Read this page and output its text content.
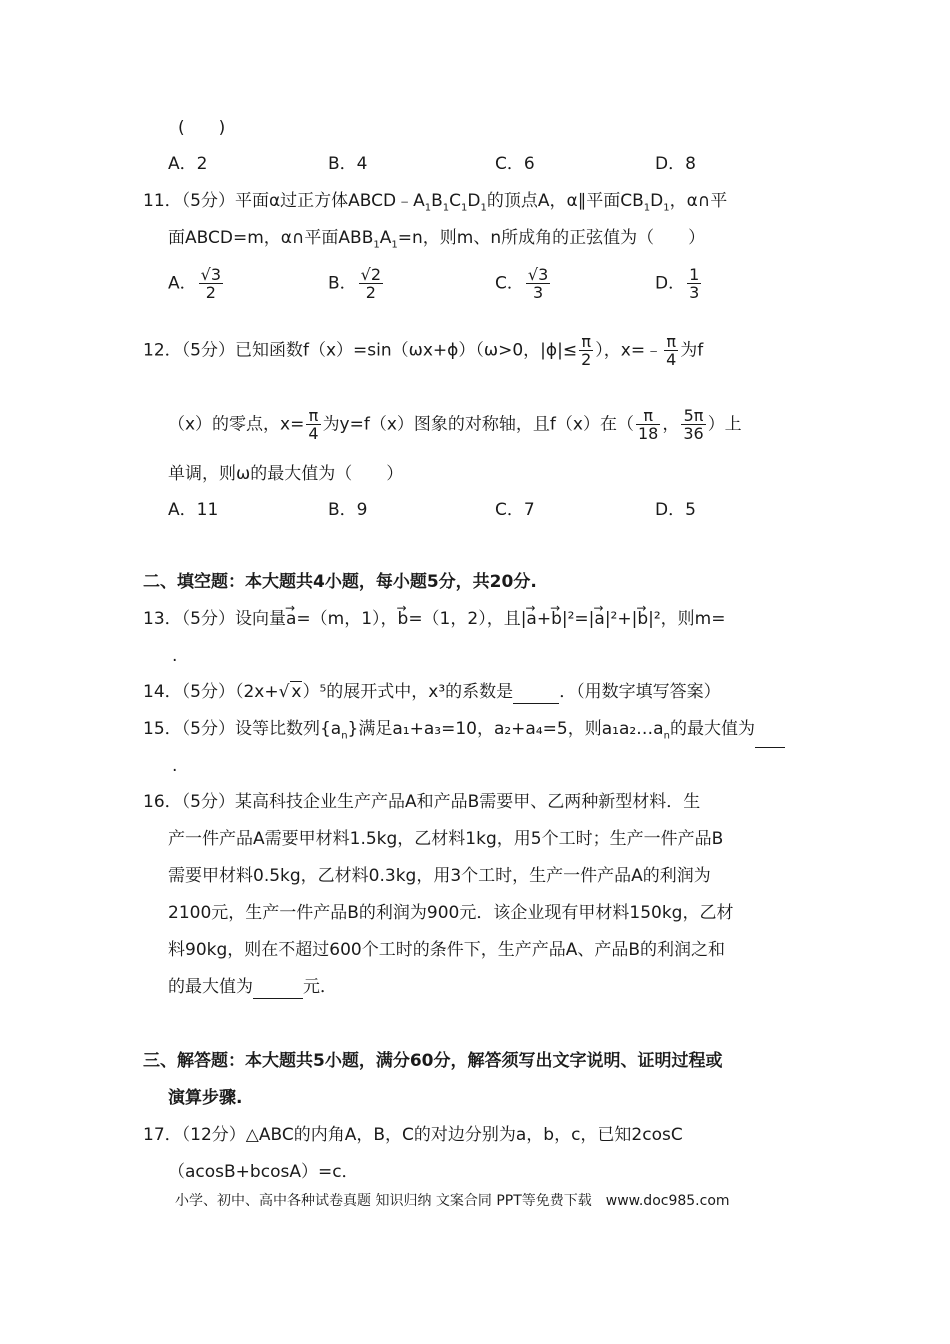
(　　)
A．2	B．4	C．6	D．8
11．（5分）平面α过正方体$ABCD﹣A_1B_1C_1D_1$的顶点A，α∥平面$CB_1D_1$，α∩平
面ABCD=m，α∩平面$ABB_1A_1=n$，则m、n所成角的正弦值为（　　）
A． $\frac{√3}{2}$	B． $\frac{√2}{2}$	C． $\frac{√3}{3}$	D． $\frac{1}{3}$
12．（5分）已知函数f（x）=sin（ωx+ϕ）（ω>0，$|\phi|\le \frac{\pi}{2}$ ），x=﹣ $\frac{\pi}{4}$ 为f
（x）的零点，$x= \frac{\pi}{4}$ 为y=f（x）图象的对称轴，且f（x）在（ $\frac{\pi}{18}$ ， $\frac{5\pi}{36}$ ）上
单调，则ω的最大值为（　　）
A．11	B．9	C．7	D．5
二、填空题：本大题共4小题，每小题5分，共20分.
13．（5分）设向量→ a=（m，1），→ b=（1，2），且|→ a+→ b|²=|→ a|²+|→ b|²，则m=
.
14．（5分）（2x+√ x）⁵的展开式中，x³的系数是	．（用数字填写答案）
15．（5分）设等比数列$\{a_n\}$满足a₁+a₃=10，a₂+a₄=5，则$a_1a_2\dots a_n$的最大值为
.
16．（5分）某高科技企业生产产品A和产品B需要甲、乙两种新型材料．生
产一件产品A需要甲材料1.5kg，乙材料1kg，用5个工时；生产一件产品B
需要甲材料0.5kg，乙材料0.3kg，用3个工时，生产一件产品A的利润为
2100元，生产一件产品B的利润为900元．该企业现有甲材料150kg，乙材
料90kg，则在不超过600个工时的条件下，生产产品A、产品B的利润之和
的最大值为	元．
三、解答题：本大题共5小题，满分60分，解答须写出文字说明、证明过程或
演算步骤.
17．（12分）△ABC的内角A，B，C的对边分别为a，b，c，已知2cosC
（acosB+bcosA）=c．
小学、初中、高中各种试卷真题 知识归纳 文案合同 PPT等免费下载　www.doc985.com
